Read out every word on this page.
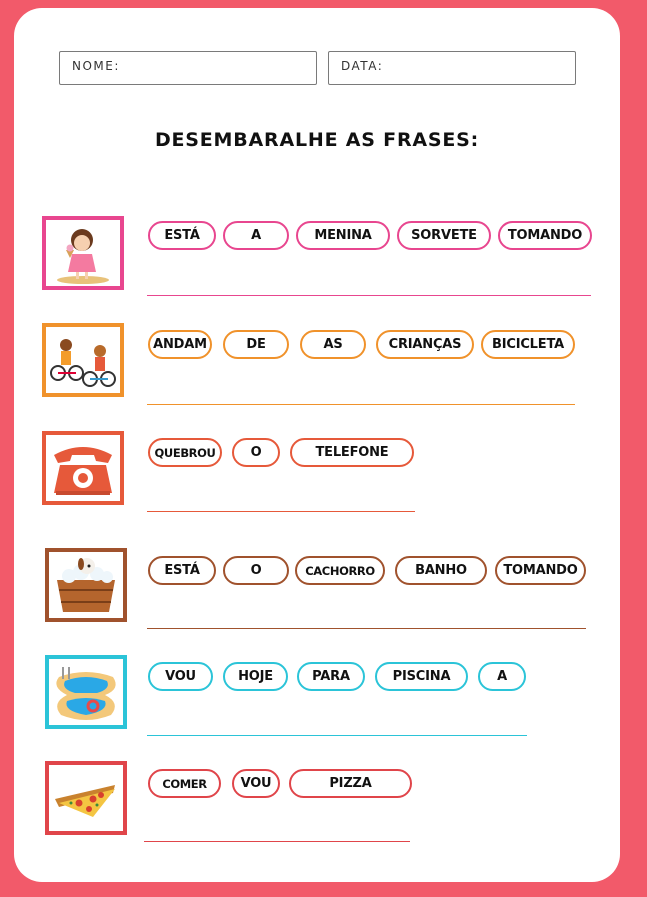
NOME:	DATA:
DESEMBARALHE AS FRASES:
ESTÁ	A	MENINA	SORVETE	TOMANDO
ANDAM	DE	AS	CRIANÇAS	BICICLETA
QUEBROU	O	TELEFONE
ESTÁ	O	CACHORRO	BANHO	TOMANDO
VOU	HOJE	PARA	PISCINA	A
COMER	VOU	PIZZA
